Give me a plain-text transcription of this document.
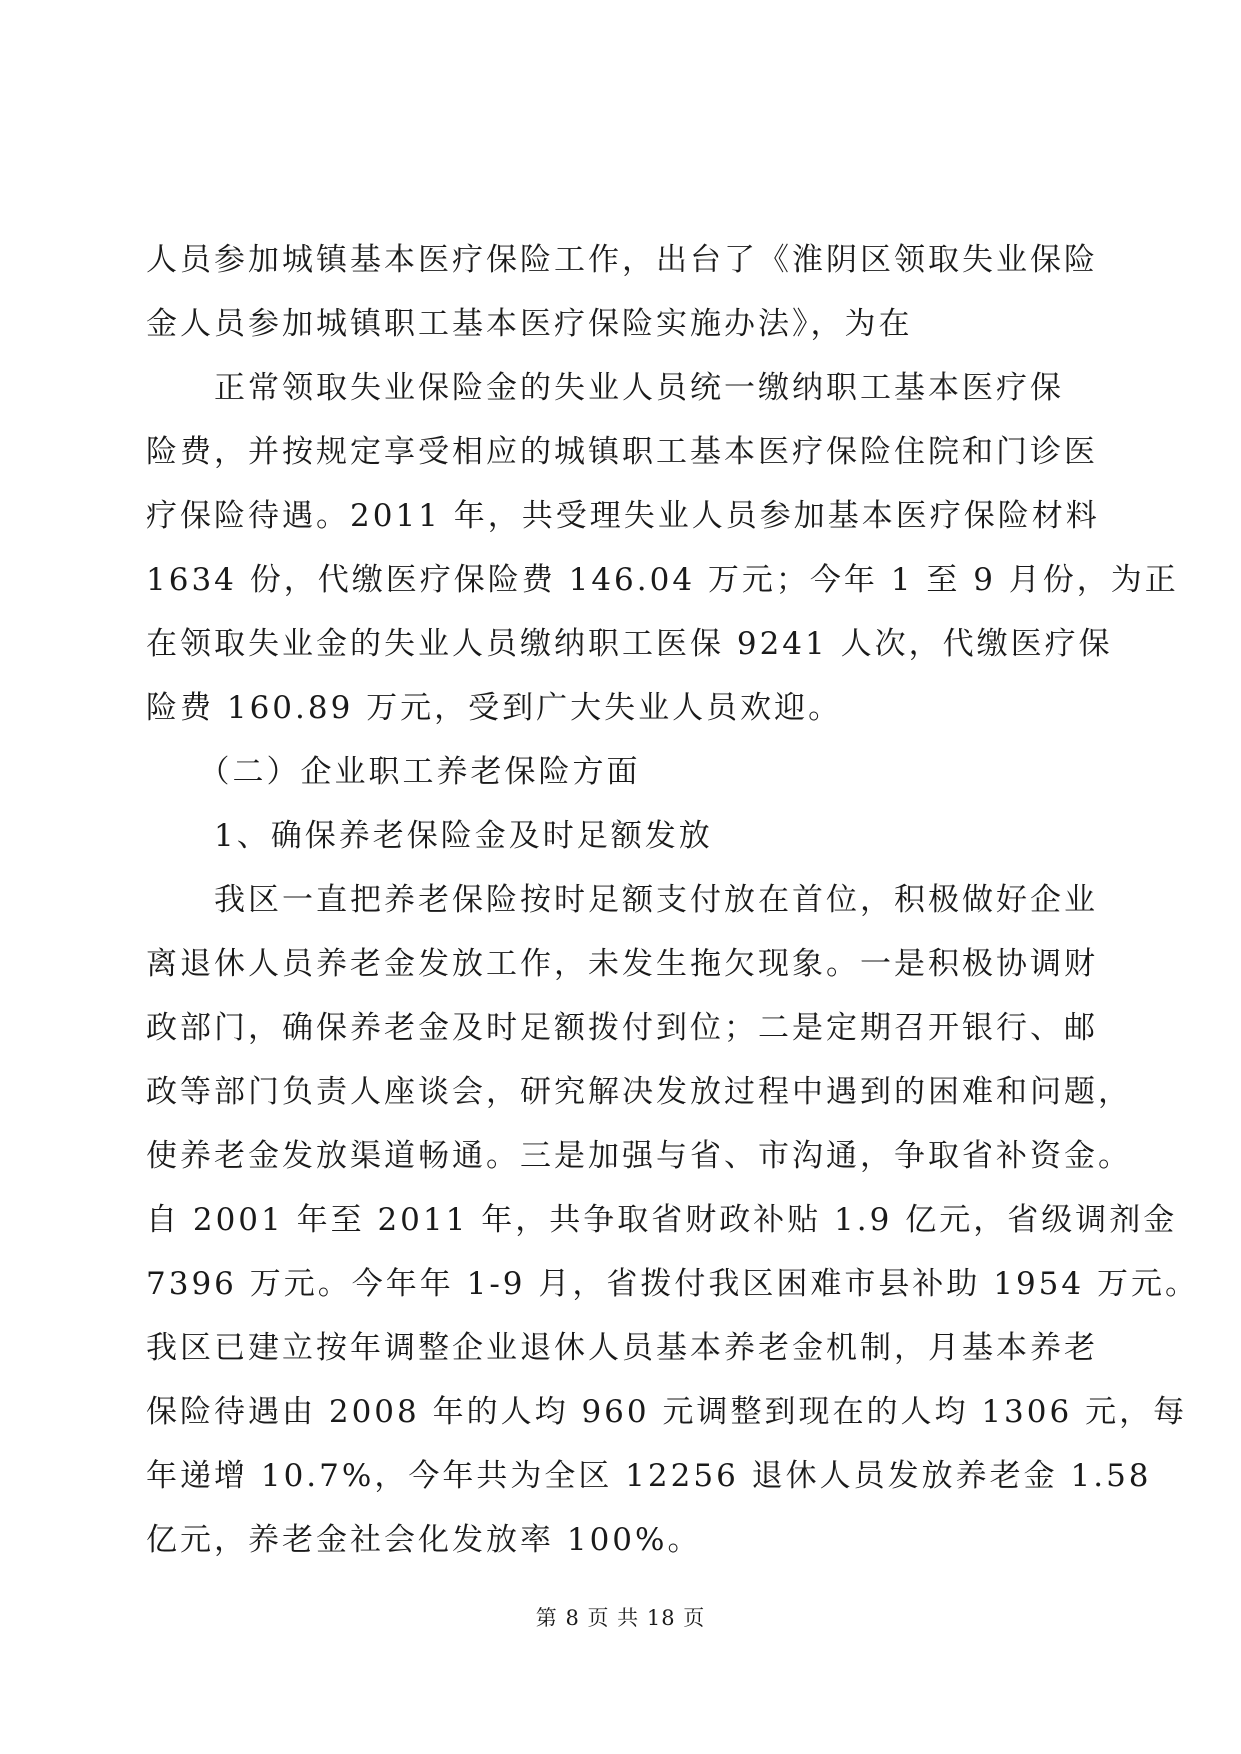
人员参加城镇基本医疗保险工作，出台了《淮阴区领取失业保险
金人员参加城镇职工基本医疗保险实施办法》，为在
　　正常领取失业保险金的失业人员统一缴纳职工基本医疗保
险费，并按规定享受相应的城镇职工基本医疗保险住院和门诊医
疗保险待遇。2011 年，共受理失业人员参加基本医疗保险材料
1634 份，代缴医疗保险费 146.04 万元；今年 1 至 9 月份，为正
在领取失业金的失业人员缴纳职工医保 9241 人次，代缴医疗保
险费 160.89 万元，受到广大失业人员欢迎。
　　（二）企业职工养老保险方面
　　1、确保养老保险金及时足额发放
　　我区一直把养老保险按时足额支付放在首位，积极做好企业
离退休人员养老金发放工作，未发生拖欠现象。一是积极协调财
政部门，确保养老金及时足额拨付到位；二是定期召开银行、邮
政等部门负责人座谈会，研究解决发放过程中遇到的困难和问题，
使养老金发放渠道畅通。三是加强与省、市沟通，争取省补资金。
自 2001 年至 2011 年，共争取省财政补贴 1.9 亿元，省级调剂金
7396 万元。今年年 1-9 月，省拨付我区困难市县补助 1954 万元。
我区已建立按年调整企业退休人员基本养老金机制，月基本养老
保险待遇由 2008 年的人均 960 元调整到现在的人均 1306 元，每
年递增 10.7%，今年共为全区 12256 退休人员发放养老金 1.58
亿元，养老金社会化发放率 100%。
第 8 页 共 18 页
